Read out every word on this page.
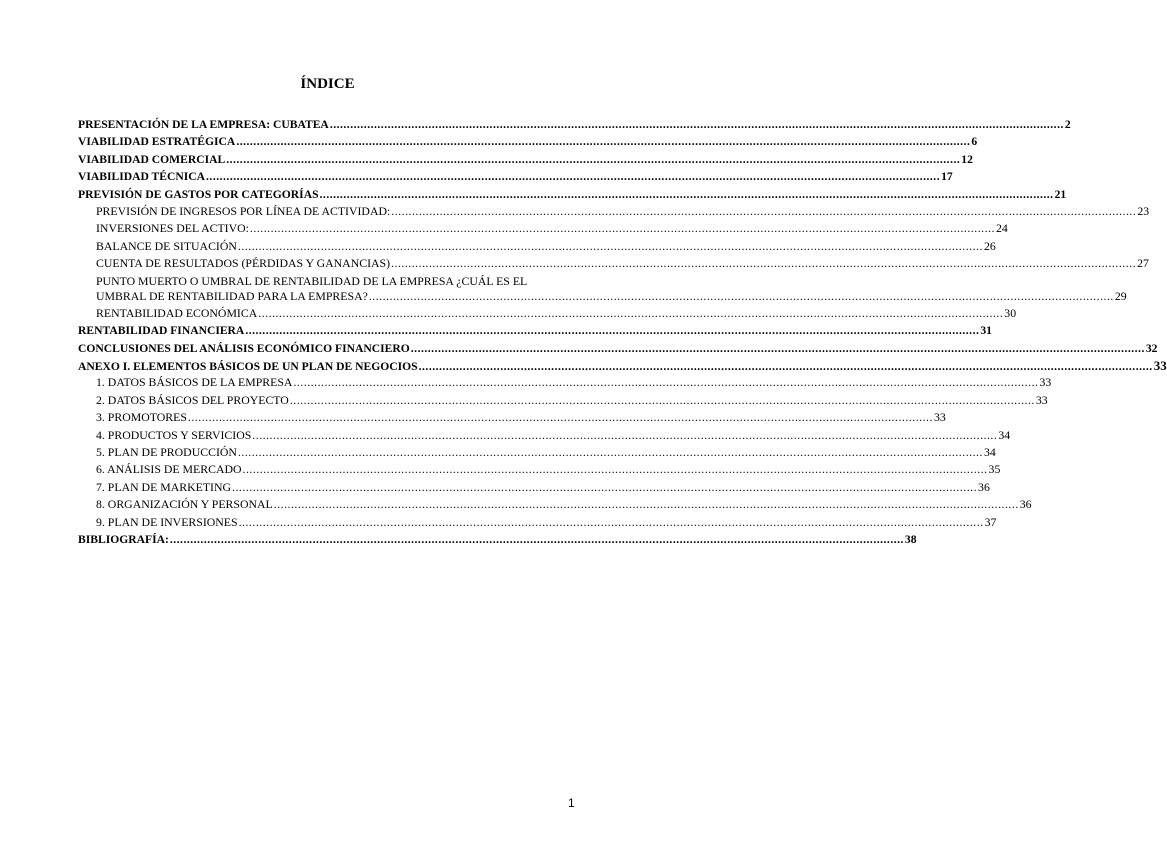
ÍNDICE
PRESENTACIÓN DE LA EMPRESA: CUBATEA .....	2
VIABILIDAD ESTRATÉGICA .....	6
VIABILIDAD COMERCIAL .....	12
VIABILIDAD TÉCNICA .....	17
PREVISIÓN DE GASTOS POR CATEGORÍAS .....	21
PREVISIÓN DE INGRESOS POR LÍNEA DE ACTIVIDAD: .....	23
INVERSIONES DEL ACTIVO: .....	24
BALANCE DE SITUACIÓN .....	26
CUENTA DE RESULTADOS (PÉRDIDAS Y GANANCIAS) .....	27
PUNTO MUERTO O UMBRAL DE RENTABILIDAD DE LA EMPRESA ¿CUÁL ES EL
UMBRAL DE RENTABILIDAD PARA LA EMPRESA? .....	29
RENTABILIDAD ECONÓMICA .....	30
RENTABILIDAD FINANCIERA .....	31
CONCLUSIONES DEL ANÁLISIS ECONÓMICO FINANCIERO .....	32
ANEXO I. ELEMENTOS BÁSICOS DE UN PLAN DE NEGOCIOS .....	33
1. DATOS BÁSICOS DE LA EMPRESA .....	33
2. DATOS BÁSICOS DEL PROYECTO .....	33
3. PROMOTORES .....	33
4. PRODUCTOS Y SERVICIOS .....	34
5. PLAN DE PRODUCCIÓN .....	34
6. ANÁLISIS DE MERCADO .....	35
7. PLAN DE MARKETING .....	36
8. ORGANIZACIÓN Y PERSONAL .....	36
9. PLAN DE INVERSIONES .....	37
BIBLIOGRAFÍA: .....	38
1
